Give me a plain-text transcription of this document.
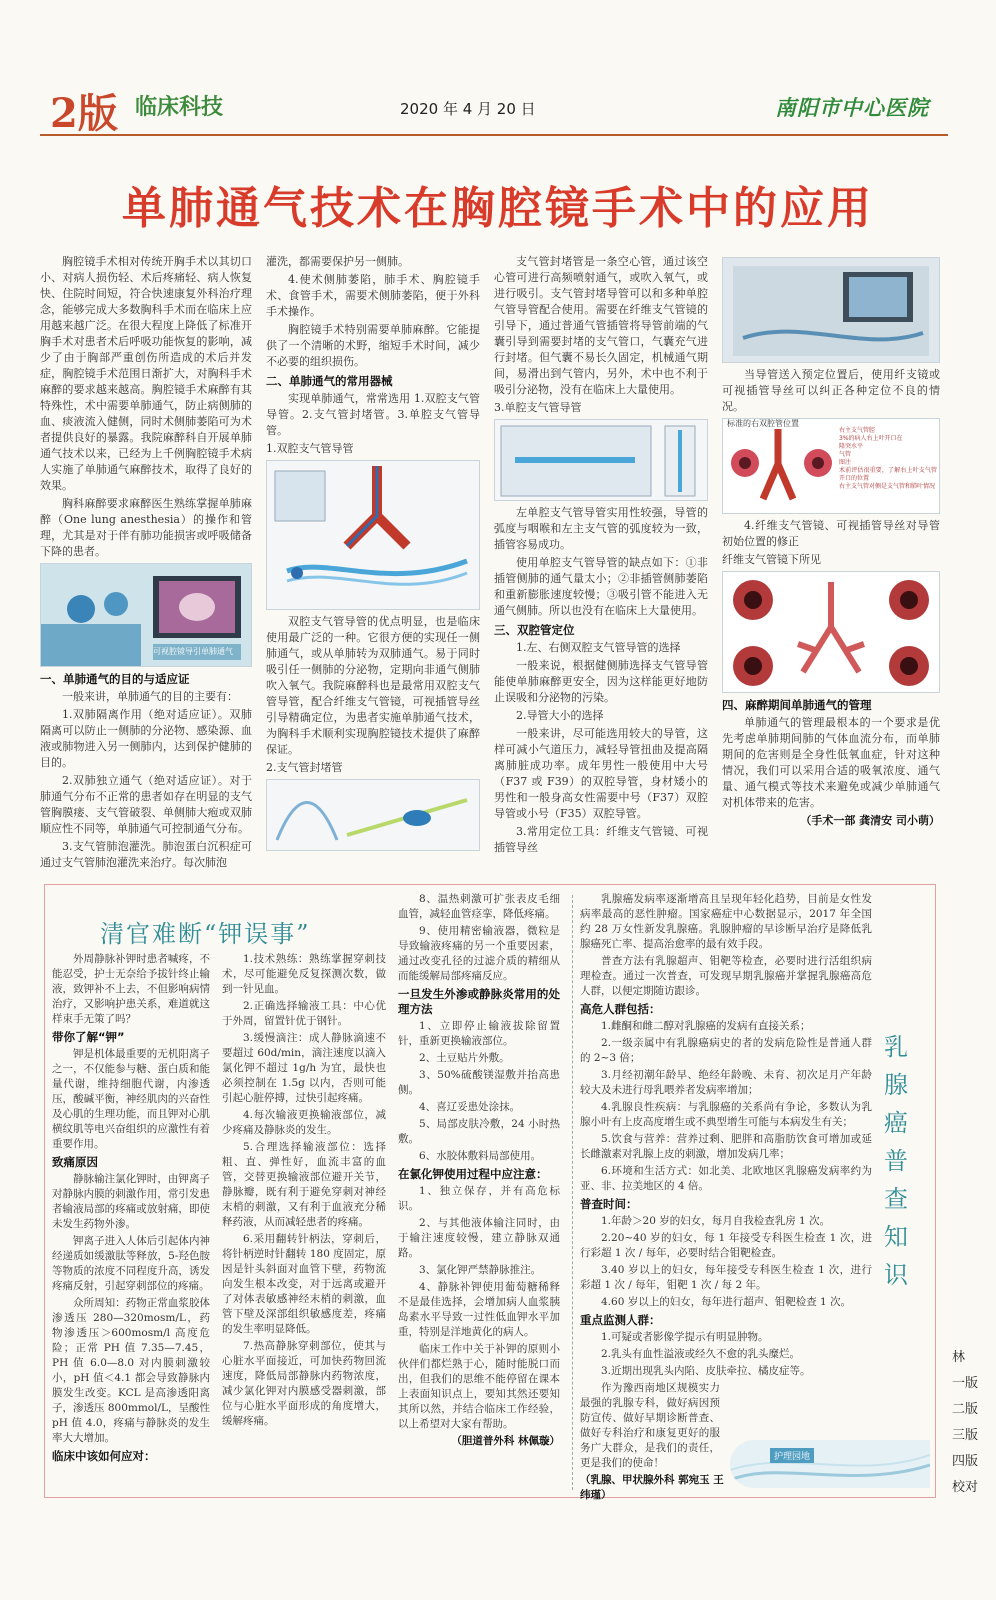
2版 临床科技	2020 年 4 月 20 日	南阳市中心医院
单肺通气技术在胸腔镜手术中的应用

胸腔镜手术相对传统开胸手术以其切口小、对病人损伤轻、术后疼痛轻、病人恢复快、住院时间短，符合快速康复外科治疗理念，能够完成大多数胸科手术而在临床上应用越来越广泛。在很大程度上降低了标准开胸手术对患者术后呼吸功能恢复的影响，减少了由于胸部严重创伤所造成的术后并发症，胸腔镜手术范围日渐扩大，对胸科手术麻醉的要求越来越高。胸腔镜手术麻醉有其特殊性，术中需要单肺通气，防止病侧肺的血、痰液流入健侧，同时术侧肺萎陷可为术者提供良好的暴露。我院麻醉科自开展单肺通气技术以来，已经为上千例胸腔镜手术病人实施了单肺通气麻醉技术，取得了良好的效果。

胸科麻醉要求麻醉医生熟练掌握单肺麻醉（One lung anesthesia）的操作和管理，尤其是对于伴有肺功能损害或呼吸储备下降的患者。

可视腔镜导引单肺通气
一、单肺通气的目的与适应证

一般来讲，单肺通气的目的主要有：

1.双肺隔离作用（绝对适应证）。双肺隔离可以防止一侧肺的分泌物、感染源、血液或肺物进入另一侧肺内，达到保护健肺的目的。

2.双肺独立通气（绝对适应证）。对于肺通气分布不正常的患者如存在明显的支气管胸膜瘘、支气管破裂、单侧肺大疱或双肺顺应性不同等，单肺通气可控制通气分布。

3.支气管肺泡灌洗。肺泡蛋白沉积症可通过支气管肺泡灌洗来治疗。每次肺泡

灌洗，都需要保护另一侧肺。

4.使术侧肺萎陷，肺手术、胸腔镜手术、食管手术，需要术侧肺萎陷，便于外科手术操作。

胸腔镜手术特别需要单肺麻醉。它能提供了一个清晰的术野，缩短手术时间，减少不必要的组织损伤。

二、单肺通气的常用器械

实现单肺通气，常常选用 1.双腔支气管导管。2.支气管封堵管。3.单腔支气管导管。

1.双腔支气管导管

双腔支气管导管的优点明显，也是临床使用最广泛的一种。它很方便的实现任一侧肺通气，或从单肺转为双肺通气。易于同时吸引任一侧肺的分泌物，定期向非通气侧肺吹入氧气。我院麻醉科也是最常用双腔支气管导管，配合纤维支气管镜，可视插管导丝引导精确定位，为患者实施单肺通气技术，为胸科手术顺利实现胸腔镜技术提供了麻醉保证。

2.支气管封堵管

支气管封堵管是一条空心管，通过该空心管可进行高频喷射通气，或吹入氧气，或进行吸引。支气管封堵导管可以和多种单腔气管导管配合使用。需要在纤维支气管镜的引导下，通过普通气管插管将导管前端的气囊引导到需要封堵的支气管口，气囊充气进行封堵。但气囊不易长久固定，机械通气期间，易滑出到气管内，另外，术中也不利于吸引分泌物，没有在临床上大量使用。

3.单腔支气管导管

左单腔支气管导管实用性较强，导管的弧度与咽喉和左主支气管的弧度较为一致，插管容易成功。

使用单腔支气管导管的缺点如下：①非插管侧肺的通气量太小；②非插管侧肺萎陷和重新膨胀速度较慢；③吸引管不能进入无通气侧肺。所以也没有在临床上大量使用。

三、双腔管定位

1.左、右侧双腔支气管导管的选择

一般来说，根据健侧肺选择支气管导管能使单肺麻醉更安全，因为这样能更好地防止误吸和分泌物的污染。

2.导管大小的选择

一般来讲，尽可能选用较大的导管，这样可减小气道压力，减轻导管扭曲及提高隔离肺脏成功率。成年男性一般使用中大号（F37 或 F39）的双腔导管，身材矮小的男性和一般身高女性需要中号（F37）双腔导管或小号（F35）双腔导管。

3.常用定位工具：纤维支气管镜、可视插管导丝

当导管送入预定位置后，使用纤支镜或可视插管导丝可以纠正各种定位不良的情况。

标准的右双腔管位置
右主支气管腔
3%的病人右上叶开口在
隆突水平
气管
图注
术前评估很重要，了解右上叶支气管开口的位置
右主支气管对侧是支气管和肺叶情况

4.纤维支气管镜、可视插管导丝对导管初始位置的修正

纤维支气管镜下所见

四、麻醉期间单肺通气的管理

单肺通气的管理最根本的一个要求是优先考虑单肺期间肺的气体血流分布，而单肺期间的危害则是全身性低氧血症，针对这种情况，我们可以采用合适的吸氧浓度、通气量、通气模式等技术来避免或减少单肺通气对机体带来的危害。

（手术一部 龚清安 司小萌）

清官难断“钾误事”

外周静脉补钾时患者喊疼，不能忍受，护士无奈给予拔针终止输液，致钾补不上去，不但影响病情治疗，又影响护患关系，难道就这样束手无策了吗？

带你了解“钾”

钾是机体最重要的无机阳离子之一，不仅能参与糖、蛋白质和能量代谢，维持细胞代谢，内渗透压，酸碱平衡，神经肌肉的兴奋性及心肌的生理功能，而且钾对心肌横纹肌等电兴奋组织的应激性有着重要作用。

致痛原因

静脉输注氯化钾时，由钾离子对静脉内膜的刺激作用，常引发患者输液局部的疼痛或放射痛，即使未发生药物外渗。

钾离子进入人体后引起体内神经递质如缓激肽等释放，5-羟色胺等物质的浓度不同程度升高，诱发疼痛反射，引起穿刺部位的疼痛。

众所周知：药物正常血浆胶体渗透压 280—320mosm/L，药物渗透压＞600mosm/l 高度危险；正常 PH 值 7.35—7.45，PH 值 6.0—8.0 对内膜刺激较小，pH 值＜4.1 都会导致静脉内膜发生改变。KCL 是高渗透阳离子，渗透压 800mmol/L，呈酸性 pH 值 4.0，疼痛与静脉炎的发生率大大增加。

临床中该如何应对：

1.技术熟练：熟练掌握穿刺技术，尽可能避免反复探测次数，做到一针见血。

2.正确选择输液工具：中心优于外周，留置针优于钢针。

3.缓慢滴注：成人静脉滴速不要超过 60d/min，滴注速度以滴入氯化钾不超过 1g/h 为宜，最快也必须控制在 1.5g 以内，否则可能引起心脏停搏，过快引起疼痛。

4.每次输液更换输液部位，减少疼痛及静脉炎的发生。

5.合理选择输液部位：选择粗、直、弹性好，血流丰富的血管，交替更换输液部位避开关节，静脉瓣，既有利于避免穿刺对神经末梢的刺激，又有利于血液充分稀释药液，从而减轻患者的疼痛。

6.采用翻转针柄法，穿刺后，将针柄逆时针翻转 180 度固定，原因是针头斜面对血管下壁，药物流向发生根本改变，对于远离或避开了对体表敏感神经末梢的刺激，血管下壁及深部组织敏感度差，疼痛的发生率明显降低。

7.热高静脉穿刺部位，使其与心脏水平面接近，可加快药物回流速度，降低局部静脉内药物浓度，减少氯化钾对内膜感受器刺激，部位与心脏水平面形成的角度增大，缓解疼痛。

8、温热刺激可扩张表皮毛细血管，减轻血管痉挛，降低疼痛。

9、使用精密输液器，微粒是导致输液疼痛的另一个重要因素，通过改变孔径的过滤介质的精细从而能缓解局部疼痛反应。

一旦发生外渗或静脉炎常用的处理方法

1、立即停止输液拔除留置针，重新更换输液部位。

2、土豆贴片外敷。

3、50%硫酸镁湿敷并抬高患侧。

4、喜辽妥患处涂抹。

5、局部皮肤冷敷，24 小时热敷。

6、水胶体敷料局部使用。

在氯化钾使用过程中应注意：

1、独立保存，并有高危标识。

2、与其他液体输注同时，由于输注速度较慢，建立静脉双通路。

3、氯化钾严禁静脉推注。

4、静脉补钾使用葡萄糖稀释不是最佳选择，会增加病人血浆胰岛素水平导致一过性低血钾水平加重，特别是洋地黄化的病人。

临床工作中关于补钾的原则小伙伴们都烂熟于心，随时能脱口而出，但我们的思维不能停留在课本上表面知识点上，要知其然还要知其所以然，并结合临床工作经验，以上希望对大家有帮助。

（胆道普外科 林佩璇）

乳腺癌普查知识

乳腺癌发病率逐渐增高且呈现年轻化趋势，目前是女性发病率最高的恶性肿瘤。国家癌症中心数据显示，2017 年全国约 28 万女性新发乳腺癌。乳腺肿瘤的早诊断早治疗是降低乳腺癌死亡率、提高治愈率的最有效手段。

普查方法有乳腺超声、钼靶等检查，必要时进行活组织病理检查。通过一次普查，可发现早期乳腺癌并掌握乳腺癌高危人群，以便定期随访跟诊。

高危人群包括：

1.雌酮和雌二醇对乳腺癌的发病有直接关系；

2.一级亲属中有乳腺癌病史的者的发病危险性是普通人群的 2~3 倍；

3.月经初潮年龄早、绝经年龄晚、未育、初次足月产年龄较大及未进行母乳喂养者发病率增加；

4.乳腺良性疾病：与乳腺癌的关系尚有争论，多数认为乳腺小叶有上皮高度增生或不典型增生可能与本病发生有关；

5.饮食与营养：营养过剩、肥胖和高脂肪饮食可增加或延长雌激素对乳腺上皮的刺激，增加发病几率；

6.环境和生活方式：如北美、北欧地区乳腺癌发病率约为亚、非、拉美地区的 4 倍。

普查时间：

1.年龄＞20 岁的妇女，每月自我检查乳房 1 次。

2.20~40 岁的妇女，每 1 年接受专科医生检查 1 次，进行彩超 1 次 / 每年，必要时结合钼靶检查。

3.40 岁以上的妇女，每年接受专科医生检查 1 次，进行彩超 1 次 / 每年，钼靶 1 次 / 每 2 年。

4.60 岁以上的妇女，每年进行超声、钼靶检查 1 次。

重点监测人群：

1.可疑或者影像学提示有明显肿物。

2.乳头有血性溢液或经久不愈的乳头糜烂。

3.近期出现乳头内陷、皮肤牵拉、橘皮症等。

作为豫西南地区规模实力最强的乳腺专科，做好病因预防宣传、做好早期诊断普查、做好专科治疗和康复更好的服务广大群众，是我们的责任，更是我们的使命！

（乳腺、甲状腺外科 郭宛玉 王纬瑾）

护理园地
林
一版
二版
三版
四版
校对
